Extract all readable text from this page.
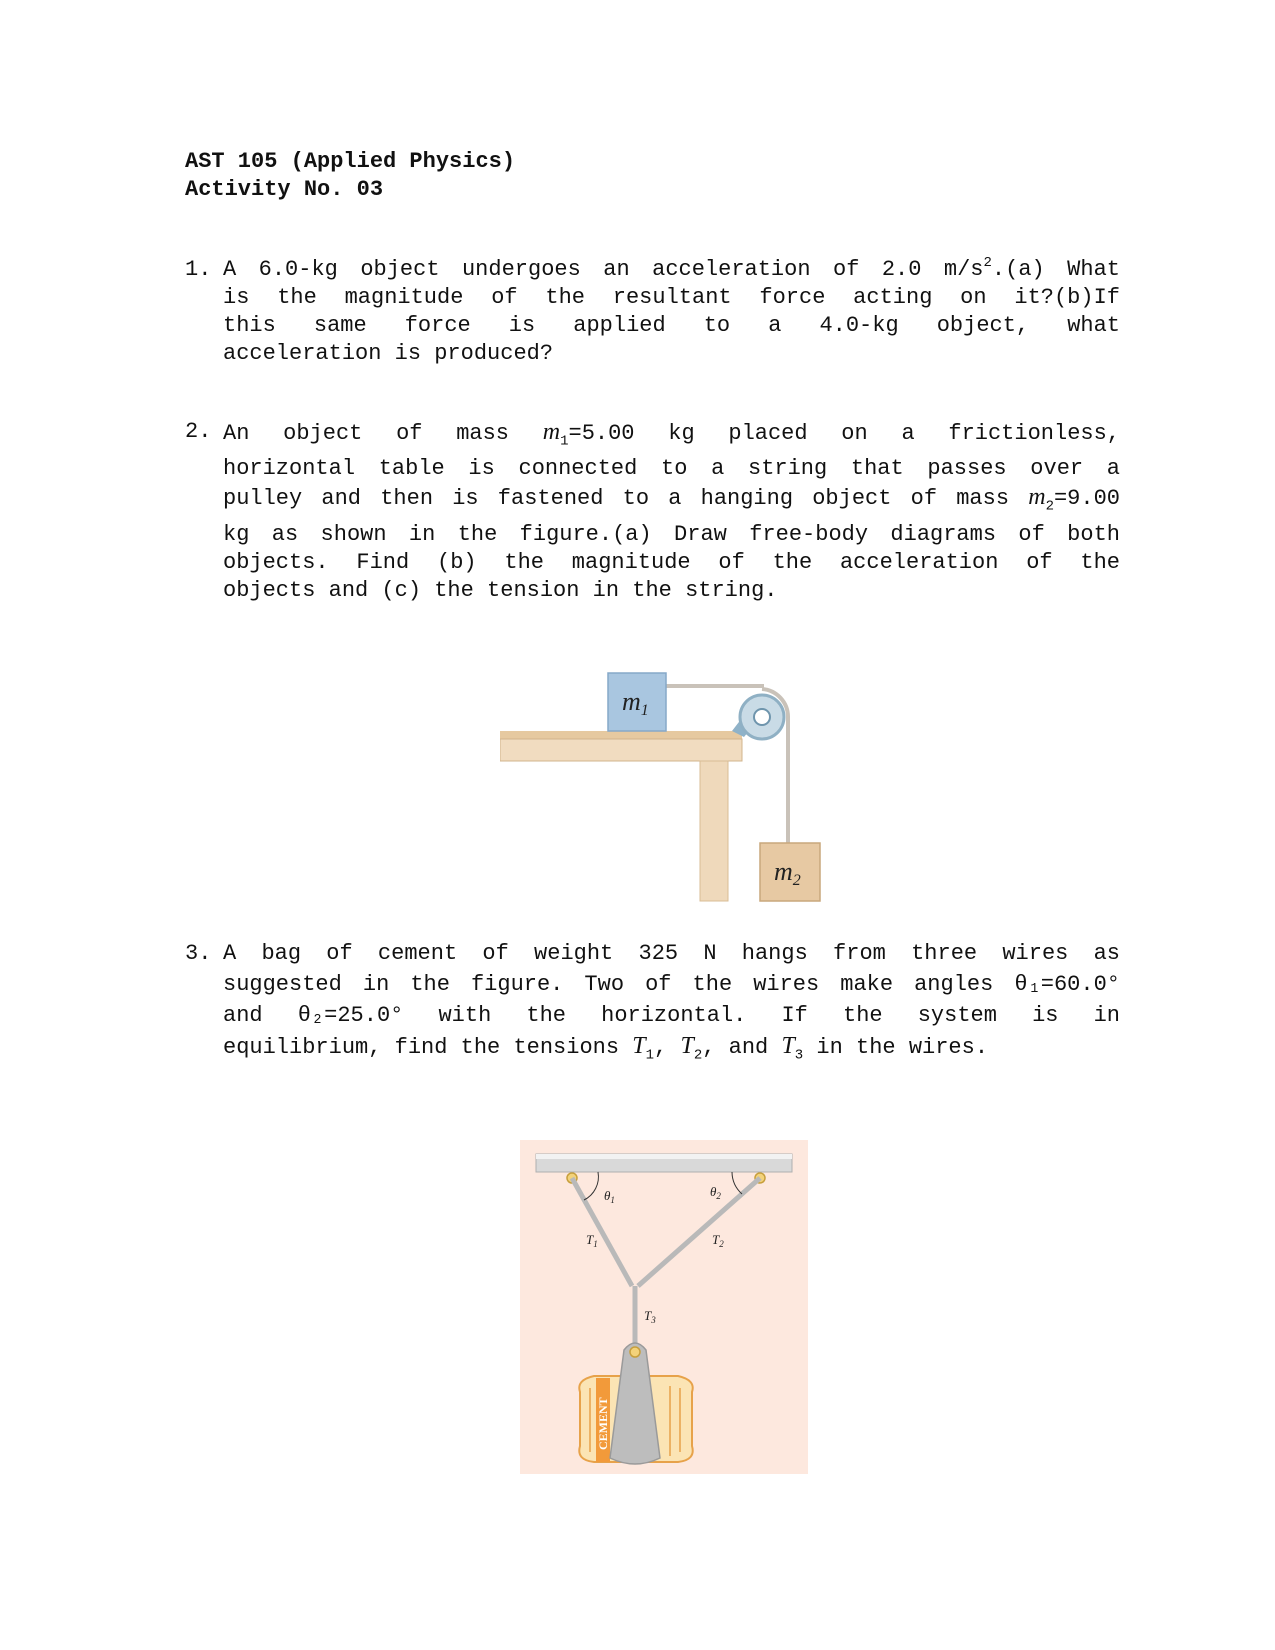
AST 105 (Applied Physics)
Activity No. 03
1. A 6.0-kg object undergoes an acceleration of 2.0 $m/s^2.(a)$ What
is the magnitude of the resultant force acting on it?(b)If
this same force is applied to a 4.0-kg object, what
acceleration is produced?
2. An object of mass $m_1=5.00$ kg placed on a frictionless,
horizontal table is connected to a string that passes over a
pulley and then is fastened to a hanging object of mass $m_2=9.00$
kg as shown in the figure.(a) Draw free-body diagrams of both
objects. Find (b) the magnitude of the acceleration of the
objects and (c) the tension in the string.
m1
m2
3. A bag of cement of weight 325 N hangs from three wires as
suggested in the figure. Two of the wires make angles θ₁=60.0°
and θ₂=25.0° with the horizontal. If the system is in
equilibrium, find the tensions $T_1$, $T_2$, and $T_3$ in the wires.
$\theta_1$
$\theta_2$
$T_1$	$T_2$
$T_3$
CEMENT
